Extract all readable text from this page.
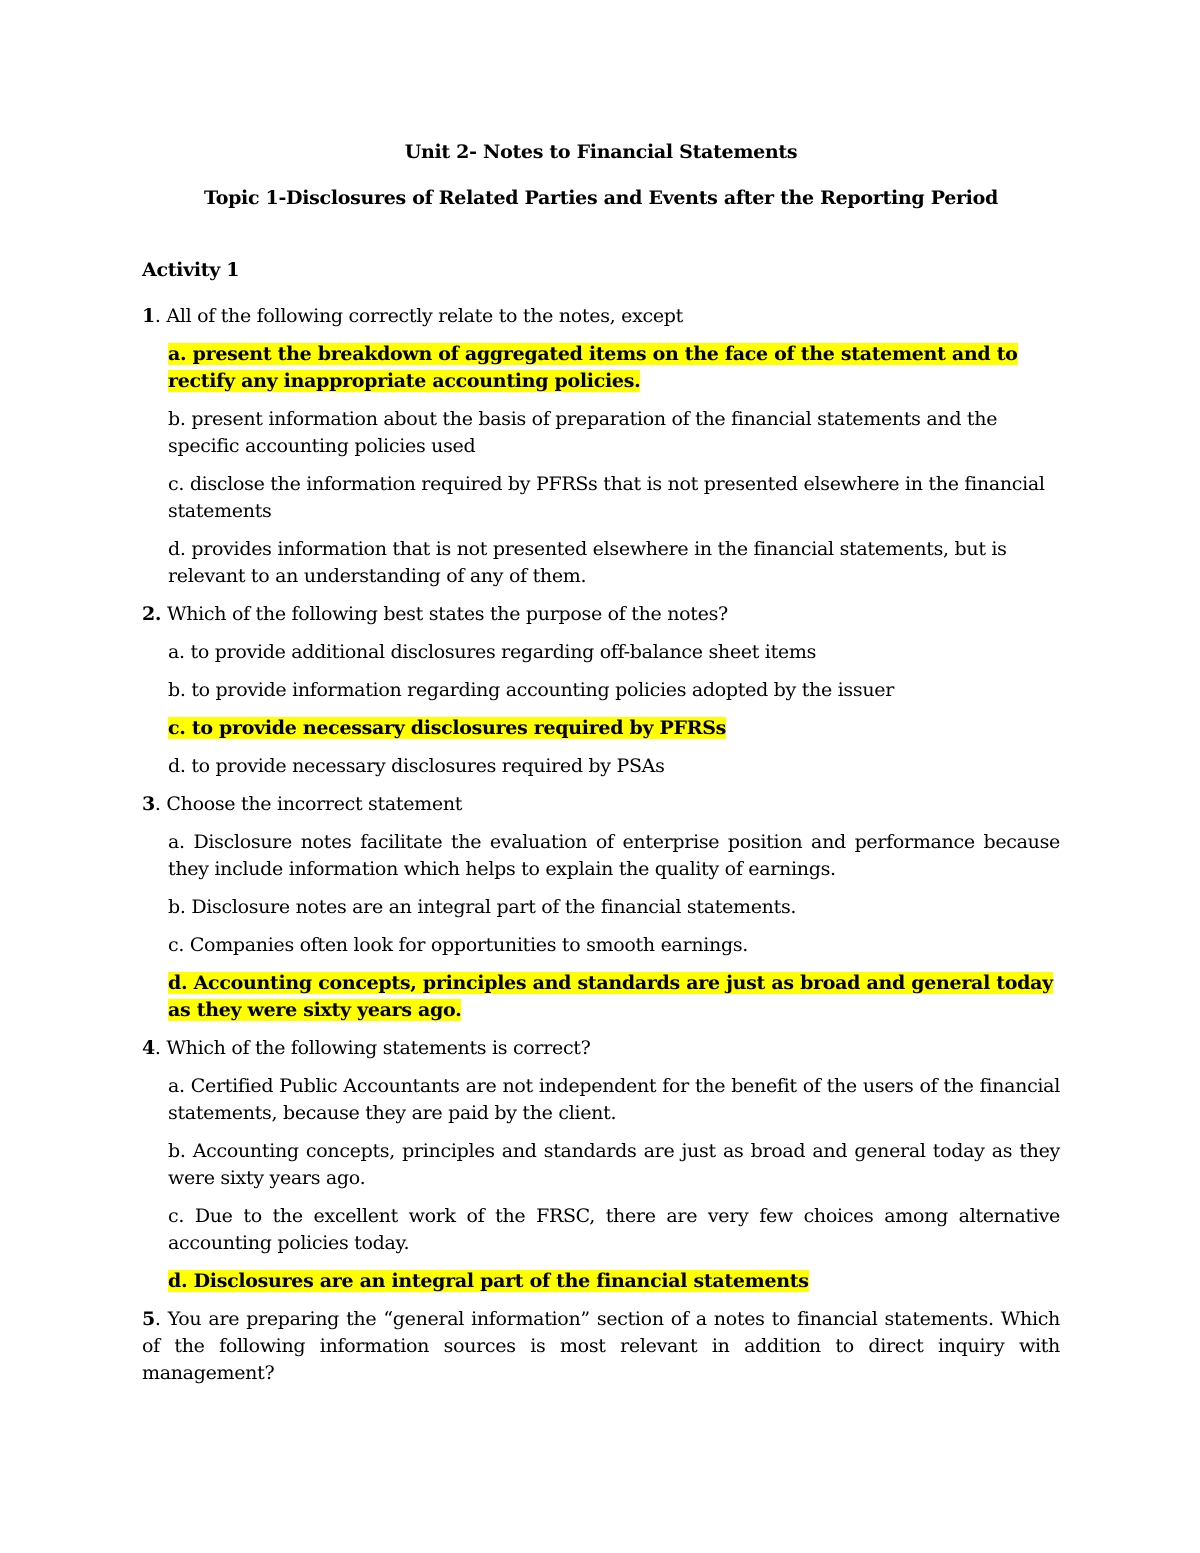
Unit 2- Notes to Financial Statements
Topic 1-Disclosures of Related Parties and Events after the Reporting Period
Activity 1
1. All of the following correctly relate to the notes, except
a. present the breakdown of aggregated items on the face of the statement and to rectify any inappropriate accounting policies.
b. present information about the basis of preparation of the financial statements and the specific accounting policies used
c. disclose the information required by PFRSs that is not presented elsewhere in the financial statements
d. provides information that is not presented elsewhere in the financial statements, but is relevant to an understanding of any of them.
2. Which of the following best states the purpose of the notes?
a. to provide additional disclosures regarding off-balance sheet items
b. to provide information regarding accounting policies adopted by the issuer
c. to provide necessary disclosures required by PFRSs
d. to provide necessary disclosures required by PSAs
3. Choose the incorrect statement
a. Disclosure notes facilitate the evaluation of enterprise position and performance because they include information which helps to explain the quality of earnings.
b. Disclosure notes are an integral part of the financial statements.
c. Companies often look for opportunities to smooth earnings.
d. Accounting concepts, principles and standards are just as broad and general today as they were sixty years ago.
4. Which of the following statements is correct?
a. Certified Public Accountants are not independent for the benefit of the users of the financial statements, because they are paid by the client.
b. Accounting concepts, principles and standards are just as broad and general today as they were sixty years ago.
c. Due to the excellent work of the FRSC, there are very few choices among alternative accounting policies today.
d. Disclosures are an integral part of the financial statements
5. You are preparing the “general information” section of a notes to financial statements. Which of the following information sources is most relevant in addition to direct inquiry with management?
